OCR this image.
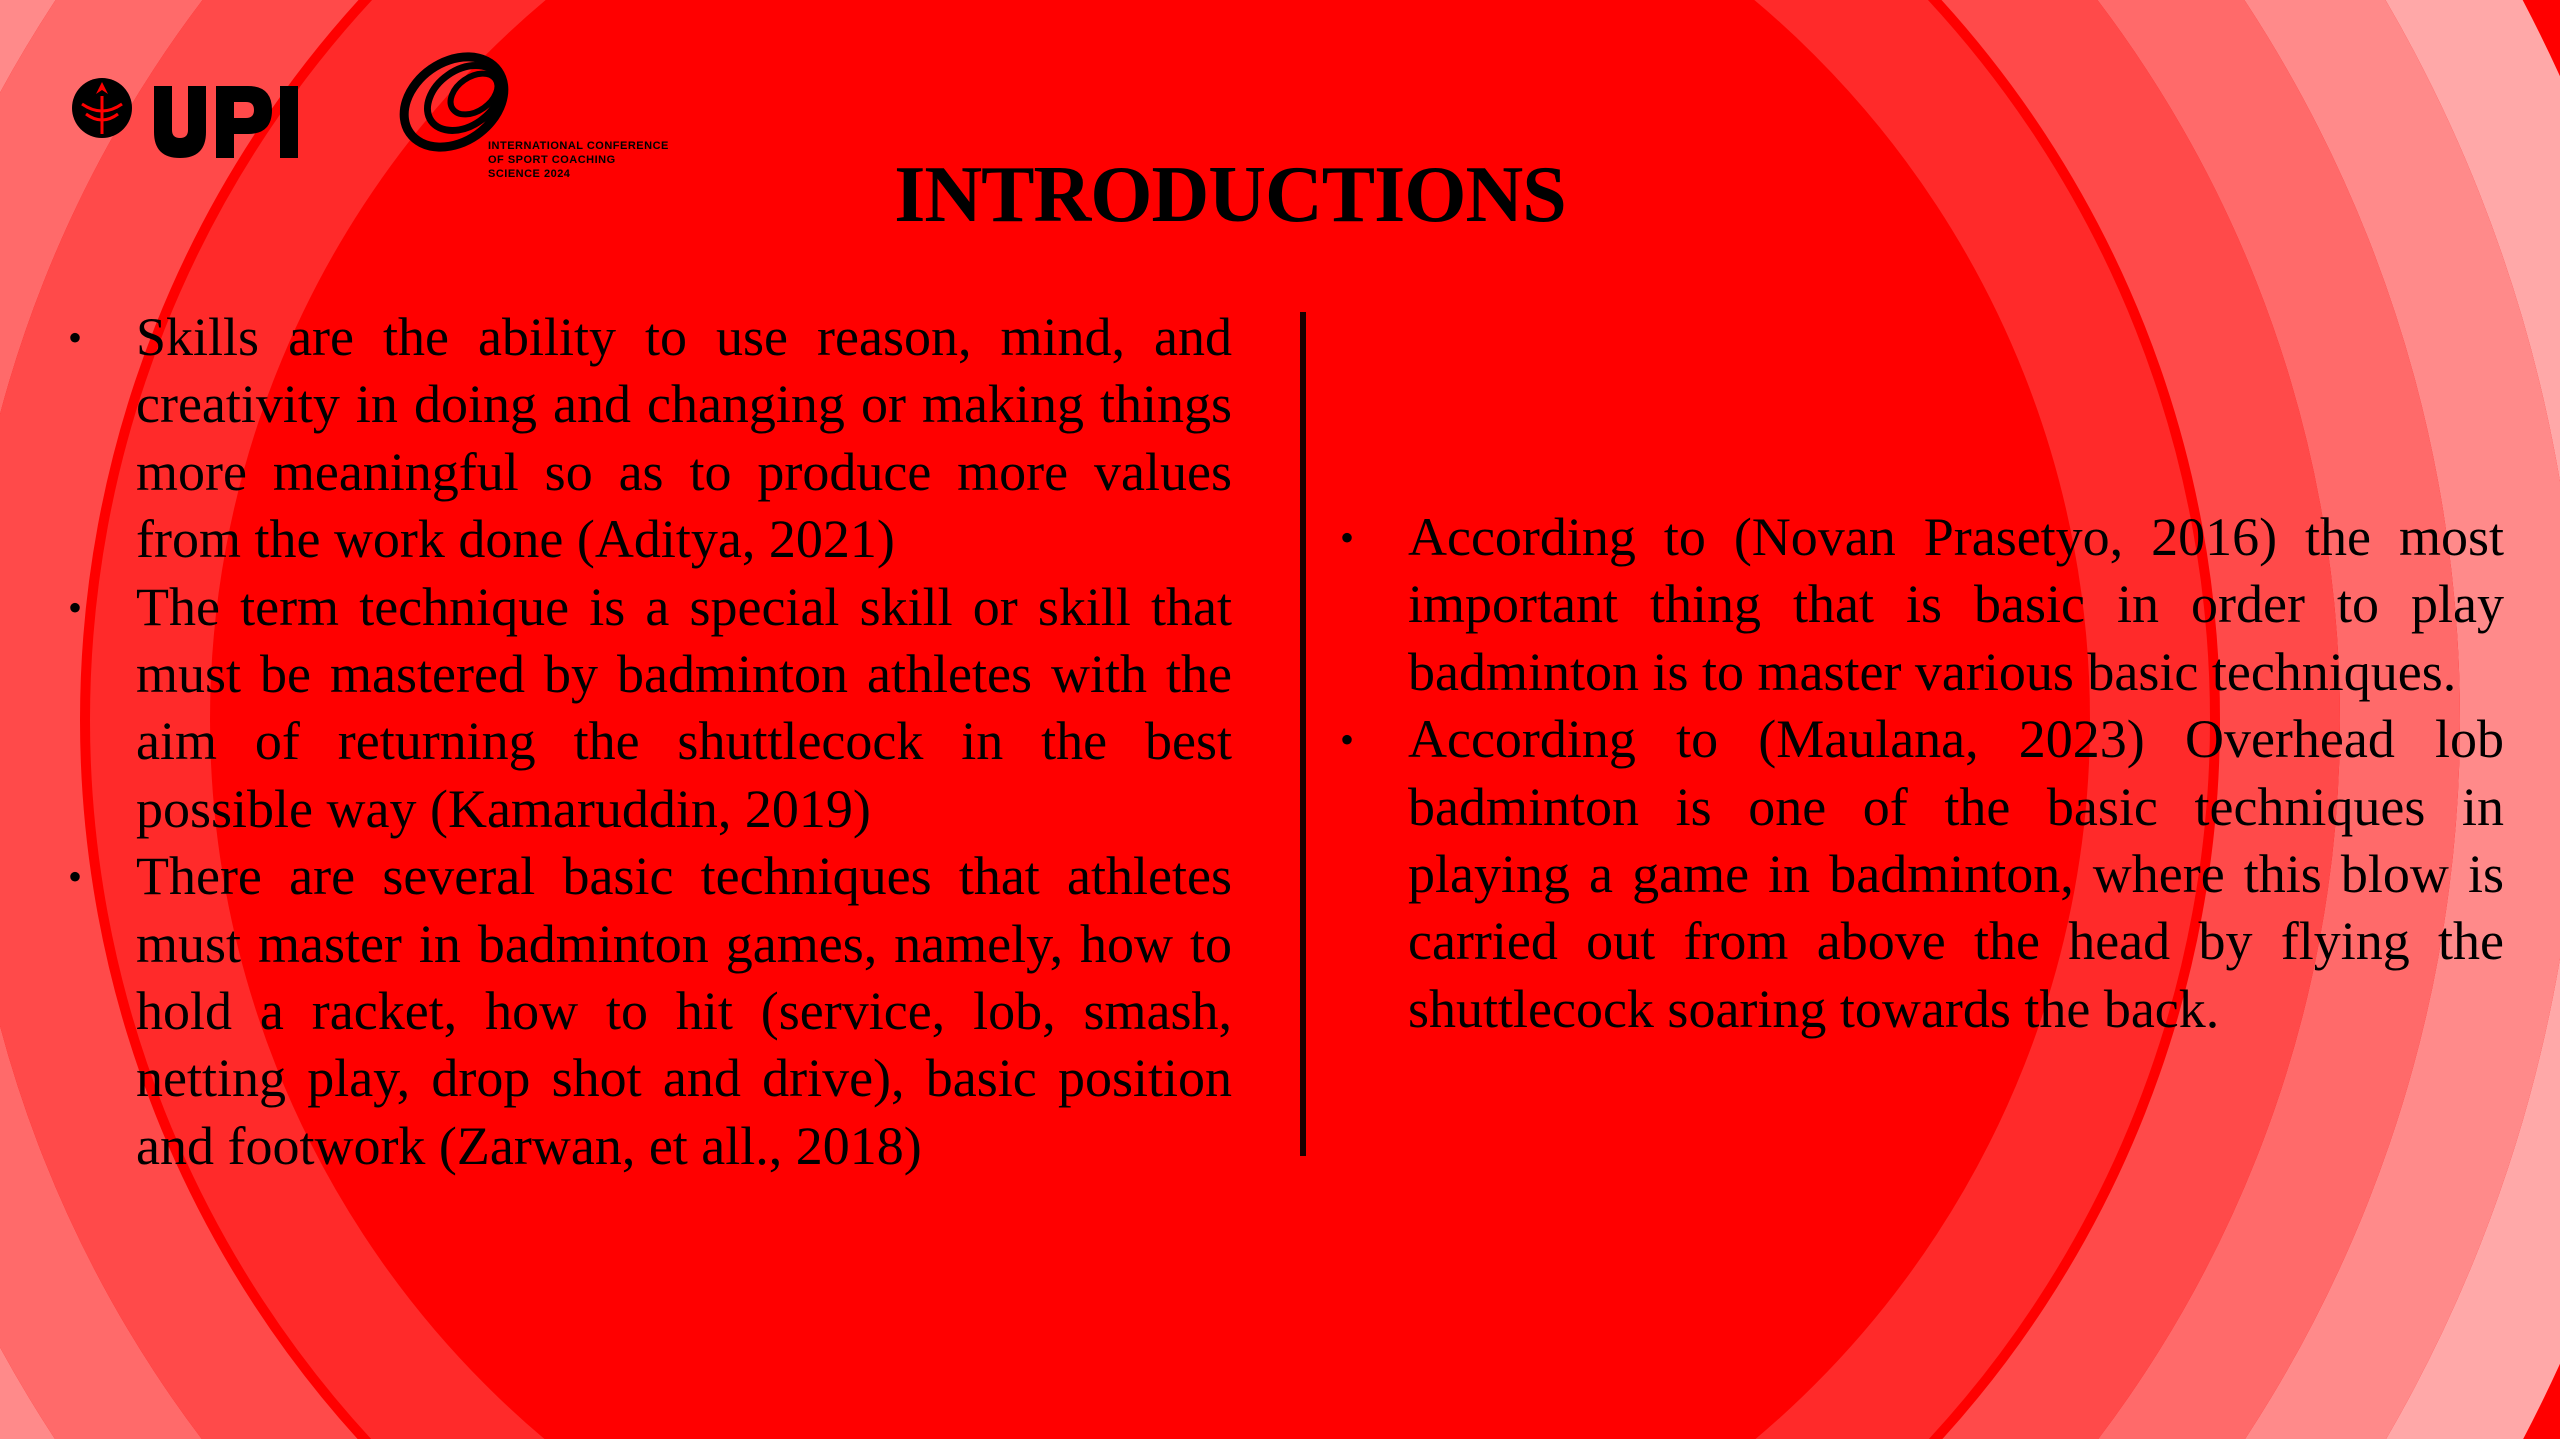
INTERNATIONAL CONFERENCE
OF SPORT COACHING
SCIENCE 2024	INTRODUCTIONS
• Skills are the ability to use reason, mind, and creativity in doing and changing or making things more meaningful so as to produce more values from the work done (Aditya, 2021)
• The term technique is a special skill or skill that must be mastered by badminton athletes with the aim of returning the shuttlecock in the best possible way (Kamaruddin, 2019)
• There are several basic techniques that athletes must master in badminton games, namely, how to hold a racket, how to hit (service, lob, smash, netting play, drop shot and drive), basic position and footwork (Zarwan, et all., 2018)
• According to (Novan Prasetyo, 2016) the most important thing that is basic in order to play badminton is to master various basic techniques.
• According to (Maulana, 2023) Overhead lob badminton is one of the basic techniques in playing a game in badminton, where this blow is carried out from above the head by flying the shuttlecock soaring towards the back.
